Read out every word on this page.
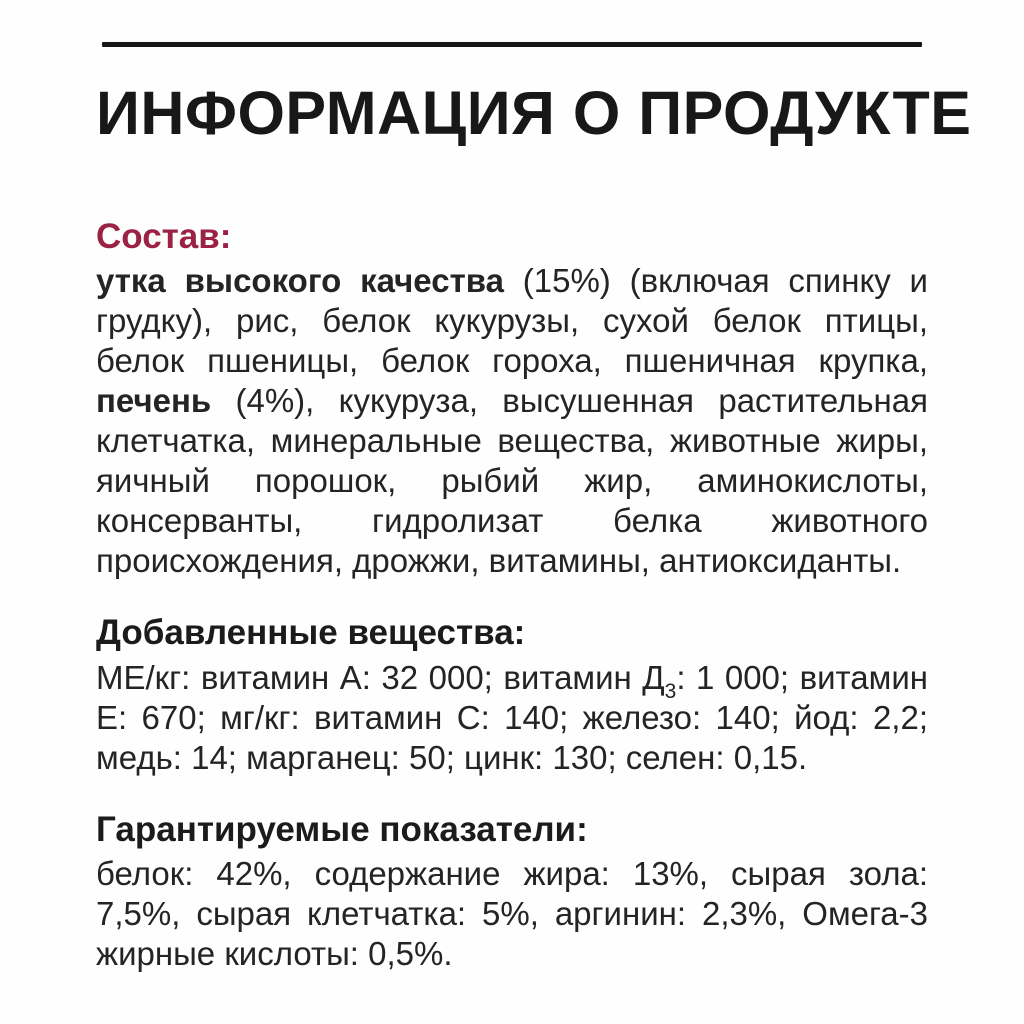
ИНФОРМАЦИЯ О ПРОДУКТЕ
Состав:

утка высокого качества (15%) (включая спинку и грудку), рис, белок кукурузы, сухой белок птицы, белок пшеницы, белок гороха, пшеничная крупка, печень (4%), кукуруза, высушенная растительная клетчатка, минеральные вещества, животные жиры, яичный порошок, рыбий жир, аминокислоты, консерванты, гидролизат белка животного происхождения, дрожжи, витамины, антиоксиданты.

Добавленные вещества:

МЕ/кг: витамин А: 32 000; витамин $Д_3$: 1 000; витамин Е: 670; мг/кг: витамин С: 140; железо: 140; йод: 2,2; медь: 14; марганец: 50; цинк: 130; селен: 0,15.

Гарантируемые показатели:

белок: 42%, содержание жира: 13%, сырая зола: 7,5%, сырая клетчатка: 5%, аргинин: 2,3%, Омега-3 жирные кислоты: 0,5%.
